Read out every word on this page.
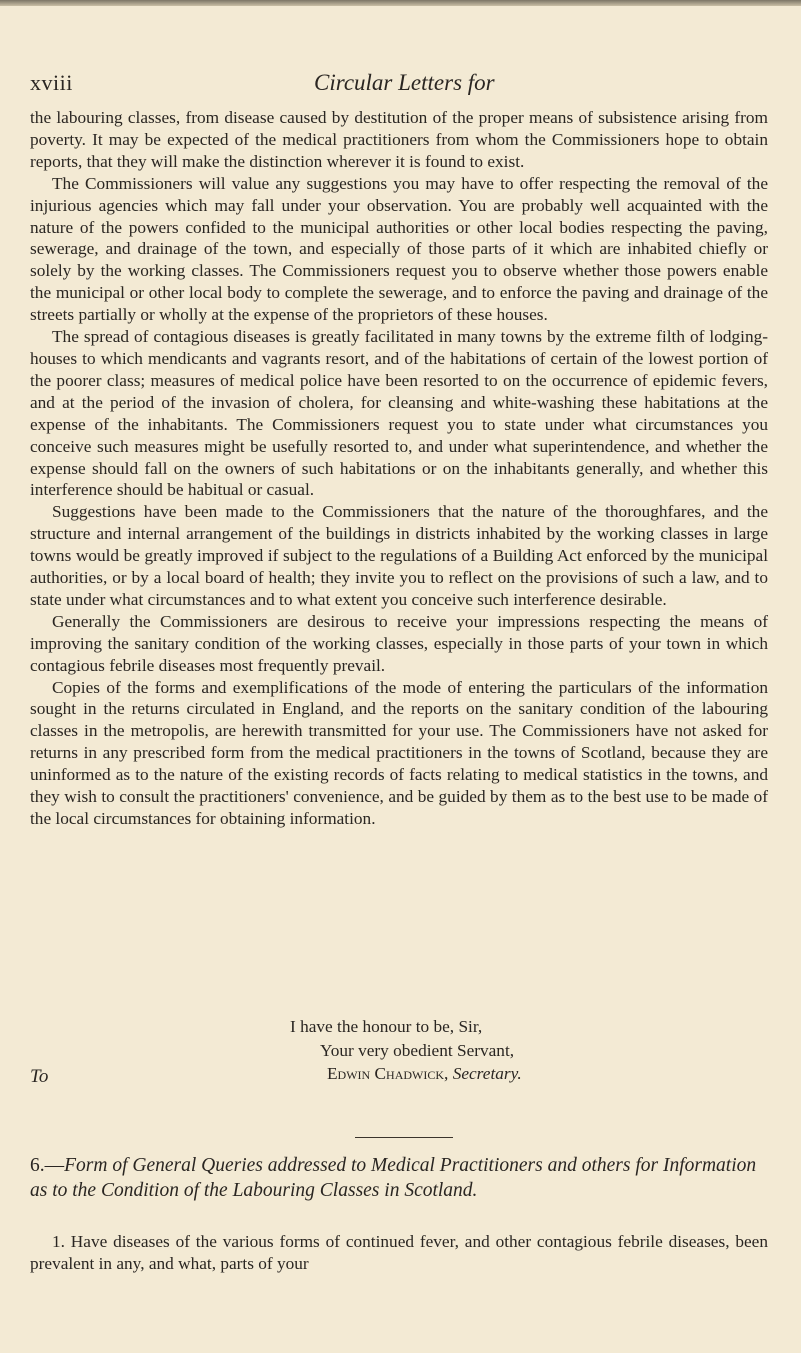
xviii	Circular Letters for

the labouring classes, from disease caused by destitution of the proper means of subsistence arising from poverty. It may be expected of the medical practitioners from whom the Commissioners hope to obtain reports, that they will make the distinction wherever it is found to exist.

The Commissioners will value any suggestions you may have to offer respecting the removal of the injurious agencies which may fall under your observation. You are probably well acquainted with the nature of the powers confided to the municipal authorities or other local bodies respecting the paving, sewerage, and drainage of the town, and especially of those parts of it which are inhabited chiefly or solely by the working classes. The Commissioners request you to observe whether those powers enable the municipal or other local body to complete the sewerage, and to enforce the paving and drainage of the streets partially or wholly at the expense of the proprietors of these houses.

The spread of contagious diseases is greatly facilitated in many towns by the extreme filth of lodging-houses to which mendicants and vagrants resort, and of the habitations of certain of the lowest portion of the poorer class; measures of medical police have been resorted to on the occurrence of epidemic fevers, and at the period of the invasion of cholera, for cleansing and white-washing these habitations at the expense of the inhabitants. The Commissioners request you to state under what circumstances you conceive such measures might be usefully resorted to, and under what superintendence, and whether the expense should fall on the owners of such habitations or on the inhabitants generally, and whether this interference should be habitual or casual.

Suggestions have been made to the Commissioners that the nature of the thoroughfares, and the structure and internal arrangement of the buildings in districts inhabited by the working classes in large towns would be greatly improved if subject to the regulations of a Building Act enforced by the municipal authorities, or by a local board of health; they invite you to reflect on the provisions of such a law, and to state under what circumstances and to what extent you conceive such interference desirable.

Generally the Commissioners are desirous to receive your impressions respecting the means of improving the sanitary condition of the working classes, especially in those parts of your town in which contagious febrile diseases most frequently prevail.

Copies of the forms and exemplifications of the mode of entering the particulars of the information sought in the returns circulated in England, and the reports on the sanitary condition of the labouring classes in the metropolis, are herewith transmitted for your use. The Commissioners have not asked for returns in any prescribed form from the medical practitioners in the towns of Scotland, because they are uninformed as to the nature of the existing records of facts relating to medical statistics in the towns, and they wish to consult the practitioners' convenience, and be guided by them as to the best use to be made of the local circumstances for obtaining information.

I have the honour to be, Sir,
Your very obedient Servant,
To	Edwin Chadwick, Secretary.
6.—Form of General Queries addressed to Medical Practitioners and others for Information as to the Condition of the Labouring Classes in Scotland.

1. Have diseases of the various forms of continued fever, and other contagious febrile diseases, been prevalent in any, and what, parts of your
